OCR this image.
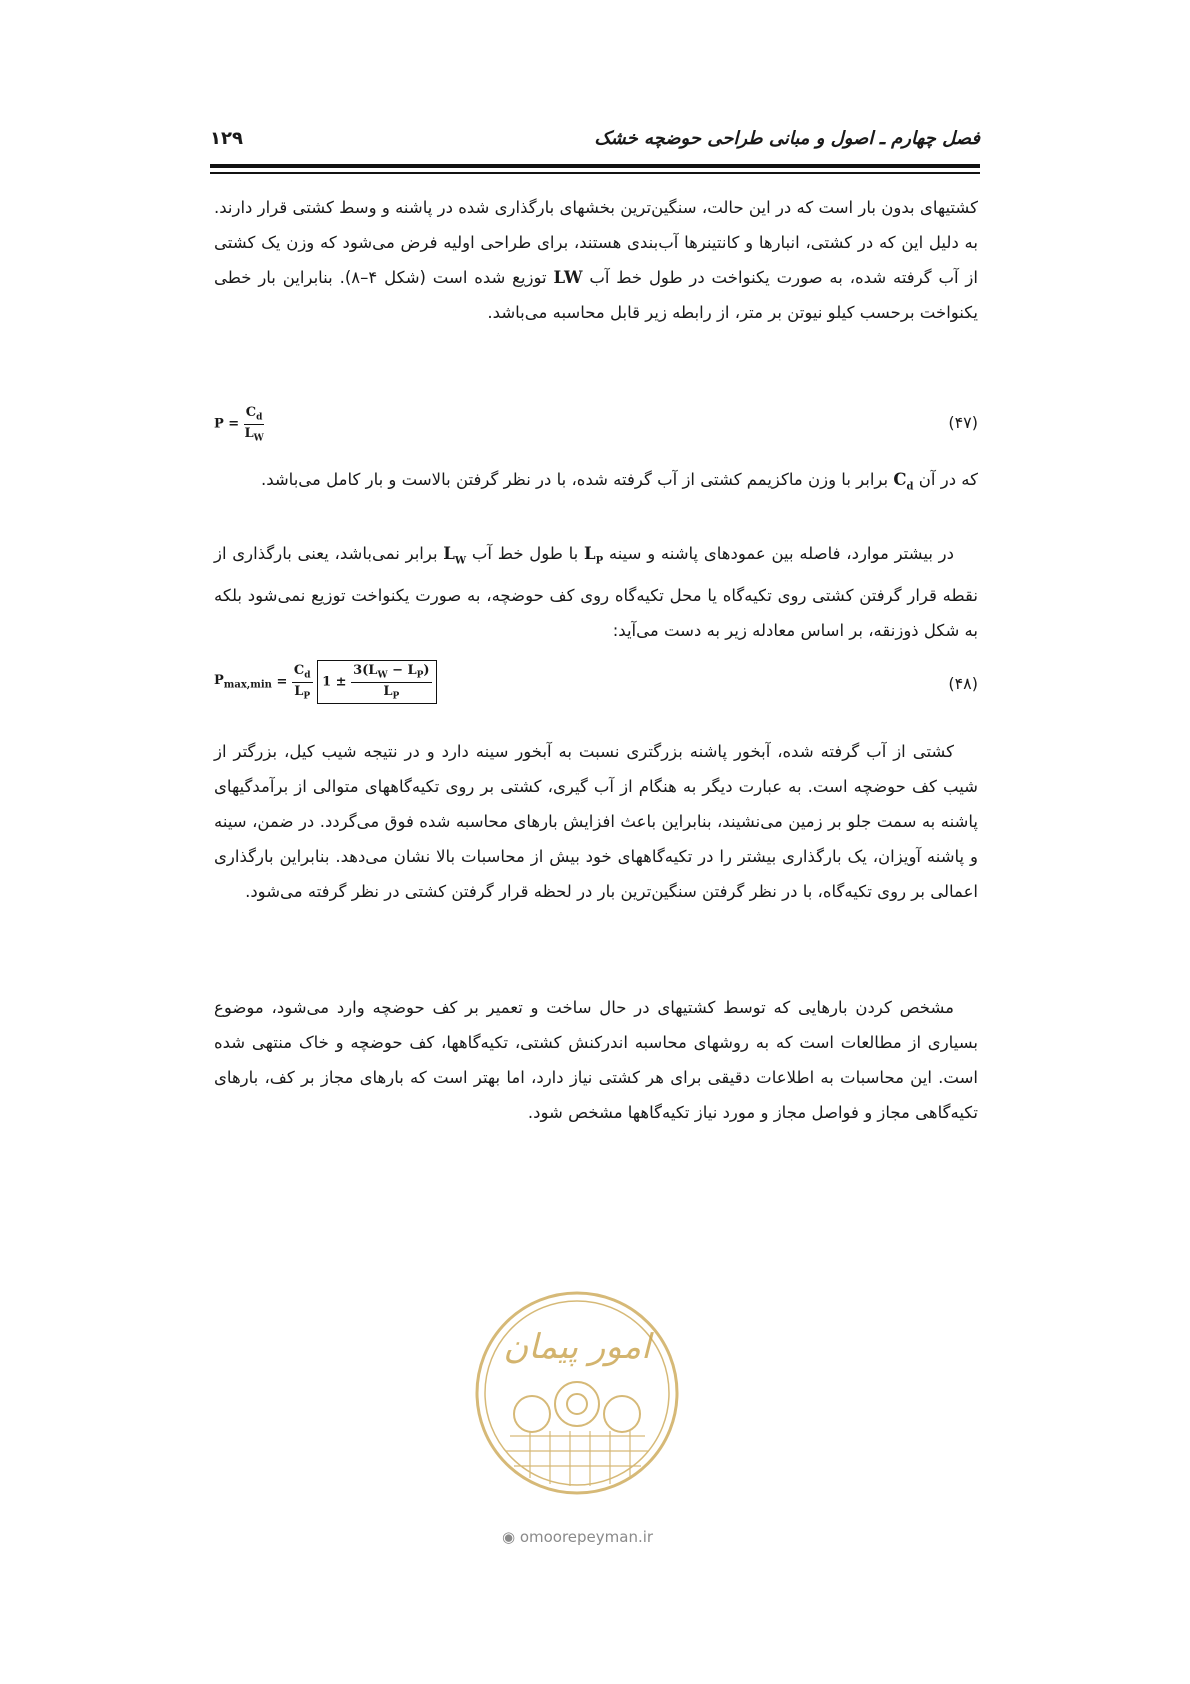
فصل چهارم ـ اصول و مبانی طراحی حوضچه خشک
۱۲۹

کشتیهای بدون بار است که در این حالت، سنگین‌ترین بخشهای بارگذاری شده در پاشنه و وسط کشتی قرار دارند. به دلیل این که در کشتی، انبارها و کانتینرها آب‌بندی هستند، برای طراحی اولیه فرض می‌شود که وزن یک کشتی از آب گرفته شده، به صورت یکنواخت در طول خط آب LW توزیع شده است (شکل ۴–۸). بنابراین بار خطی یکنواخت برحسب کیلو نیوتن بر متر، از رابطه زیر قابل محاسبه می‌باشد.

$P = \frac{C_d}{L_W}$	(۴۷)

که در آن $C_d$ برابر با وزن ماکزیمم کشتی از آب گرفته شده، با در نظر گرفتن بالاست و بار کامل می‌باشد.

در بیشتر موارد، فاصله بین عمودهای پاشنه و سینه $L_P$ با طول خط آب $L_W$ برابر نمی‌باشد، یعنی بارگذاری از نقطه قرار گرفتن کشتی روی تکیه‌گاه یا محل تکیه‌گاه روی کف حوضچه، به صورت یکنواخت توزیع نمی‌شود بلکه به شکل ذوزنقه، بر اساس معادله زیر به دست می‌آید:

$P_{max,min} = \frac{C_d}{L_P} 1 \pm \frac{3(L_W - L_P)}{L_P}$	(۴۸)

کشتی از آب گرفته شده، آبخور پاشنه بزرگتری نسبت به آبخور سینه دارد و در نتیجه شیب کیل، بزرگتر از شیب کف حوضچه است. به عبارت دیگر به هنگام از آب گیری، کشتی بر روی تکیه‌گاههای متوالی از برآمدگیهای پاشنه به سمت جلو بر زمین می‌نشیند، بنابراین باعث افزایش بارهای محاسبه شده فوق می‌گردد. در ضمن، سینه و پاشنه آویزان، یک بارگذاری بیشتر را در تکیه‌گاههای خود بیش از محاسبات بالا نشان می‌دهد. بنابراین بارگذاری اعمالی بر روی تکیه‌گاه، با در نظر گرفتن سنگین‌ترین بار در لحظه قرار گرفتن کشتی در نظر گرفته می‌شود.

مشخص کردن بارهایی که توسط کشتیهای در حال ساخت و تعمیر بر کف حوضچه وارد می‌شود، موضوع بسیاری از مطالعات است که به روشهای محاسبه اندرکنش کشتی، تکیه‌گاهها، کف حوضچه و خاک منتهی شده است. این محاسبات به اطلاعات دقیقی برای هر کشتی نیاز دارد، اما بهتر است که بارهای مجاز بر کف، بارهای تکیه‌گاهی مجاز و فواصل مجاز و مورد نیاز تکیه‌گاهها مشخص شود.

امور پیمان
◉ omoorepeyman.ir
